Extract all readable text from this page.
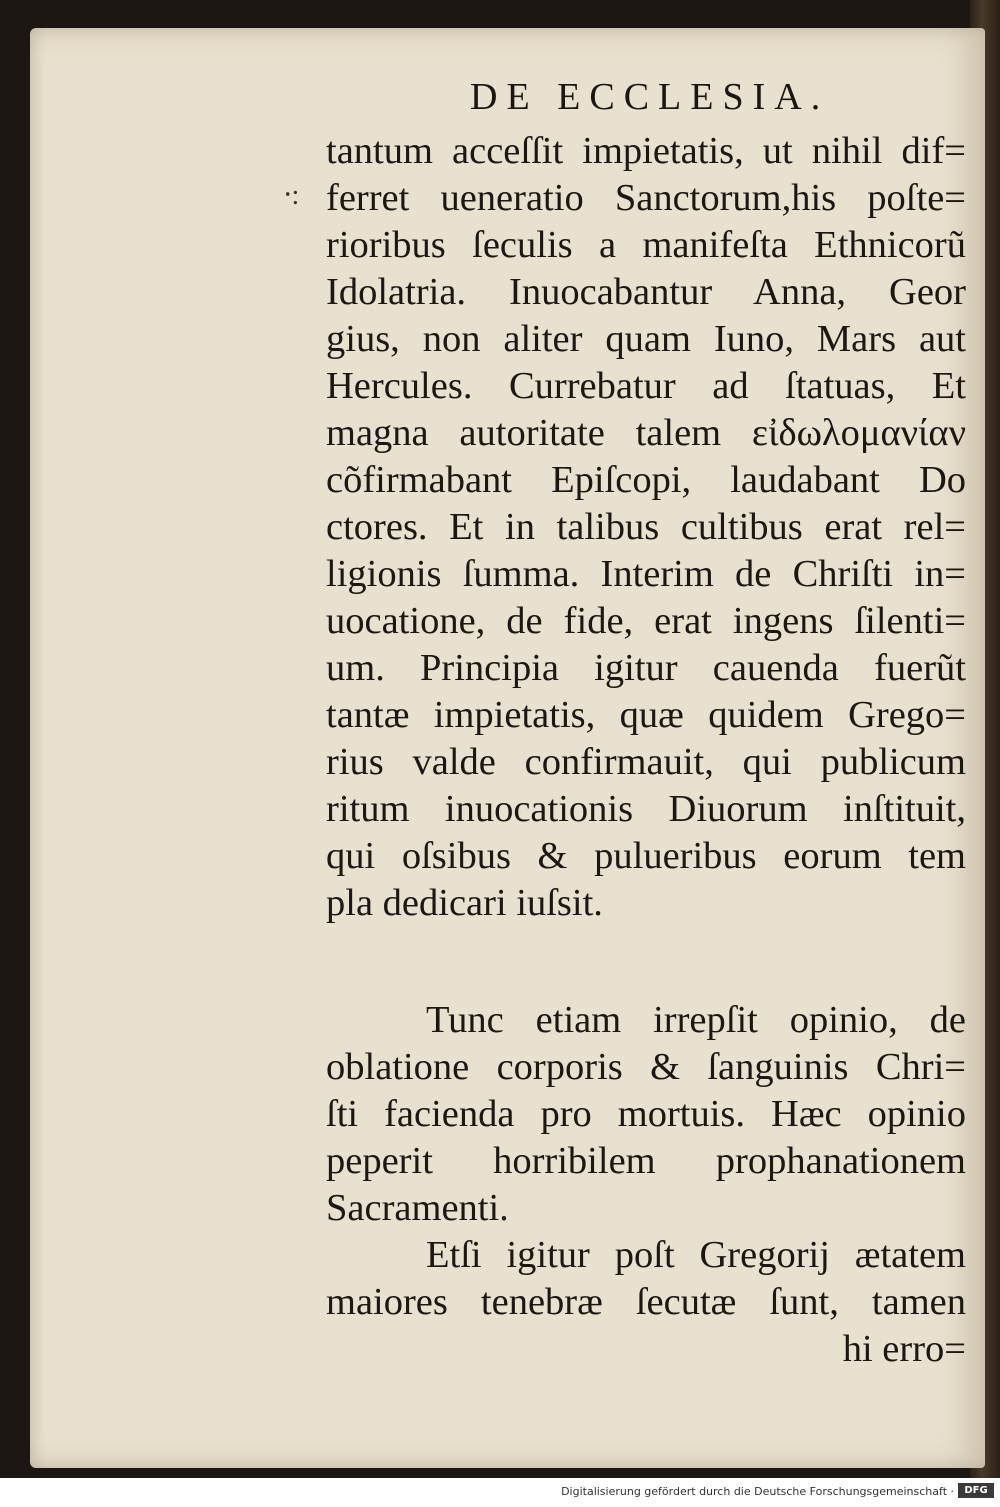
DE ECCLESIA.
⸱:
tantum acceſſit impietatis, ut nihil dif=
ferret ueneratio Sanctorum,his poſte=
rioribus ſeculis a manifeſta Ethnicorũ
Idolatria. Inuocabantur Anna, Geor
gius, non aliter quam Iuno, Mars aut
Hercules. Currebatur ad ſtatuas, Et
magna autoritate talem εἰδωλομανίαν
cõfirmabant Epiſcopi, laudabant Do
ctores. Et in talibus cultibus erat rel=
ligionis ſumma. Interim de Chriſti in=
uocatione, de fide, erat ingens ſilenti=
um. Principia igitur cauenda fuerũt
tantæ impietatis, quæ quidem Grego=
rius valde confirmauit, qui publicum
ritum inuocationis Diuorum inſtituit,
qui oſsibus & pulueribus eorum tem
pla dedicari iuſsit.
Tunc etiam irrepſit opinio, de
oblatione corporis & ſanguinis Chri=
ſti facienda pro mortuis. Hæc opinio
peperit horribilem prophanationem
Sacramenti.
Etſi igitur poſt Gregorij ætatem
maiores tenebræ ſecutæ ſunt, tamen
hi erro=
Digitalisierung gefördert durch die Deutsche Forschungsgemeinschaft ·	DFG
